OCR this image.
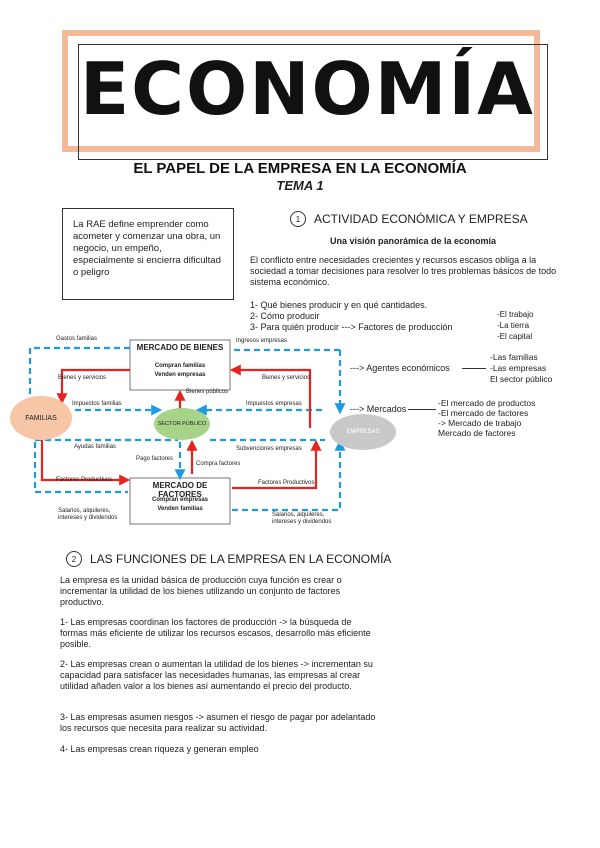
ECONOMÍA
EL PAPEL DE LA EMPRESA EN LA ECONOMÍA
TEMA 1
La RAE define emprender como acometer y comenzar una obra, un negocio, un empeño, especialmente si encierra dificultad o peligro
1	ACTIVIDAD ECONÓMICA Y EMPRESA
Una visión panorámica de la economía
El conflicto entre necesidades crecientes y recursos escasos obliga a la sociedad a tomar decisiones para resolver lo tres problemas básicos de todo sistema económico.
1- Qué bienes producir y en qué cantidades.
2- Cómo producir
3- Para quién producir ---> Factores de producción
-El trabajo
-La tierra
-El capital
---> Agentes económicos
-Las familias
-Las empresas
El sector público
---> Mercados
-El mercado de productos
-El mercado de factores
-> Mercado de trabajo
Mercado de factores
FAMILIAS
SECTOR PÚBLICO
EMPRESAS
MERCADO DE BIENES
Compran familias
Venden empresas
MERCADO DE FACTORES
Compran empresas
Venden familias
Gastos familias	Ingresos empresas
Bienes y servicios	Bienes y servicios
Bienes públicos
Impuestos familias	Impuestos empresas
Ayudas familias	Subvenciones empresas
Pago factores
Compra factores
Factores Productivos	Factores Productivos
Salarios, alquileres, intereses y dividendos	Salarios, alquileres, intereses y dividendos
2	LAS FUNCIONES DE LA EMPRESA EN LA ECONOMÍA
La empresa es la unidad básica de producción cuya función es crear o incrementar la utilidad de los bienes utilizando un conjunto de factores productivo.
1- Las empresas coordinan los factores de producción -> la búsqueda de formas más eficiente de utilizar los recursos escasos, desarrollo más eficiente posible.
2- Las empresas crean o aumentan la utilidad de los bienes -> incrementan su capacidad para satisfacer las necesidades humanas, las empresas al crear utilidad añaden valor a los bienes así aumentando el precio del producto.
3- Las empresas asumen riesgos -> asumen el riesgo de pagar por adelantado los recursos que necesita para realizar su actividad.
4- Las empresas crean riqueza y generan empleo
